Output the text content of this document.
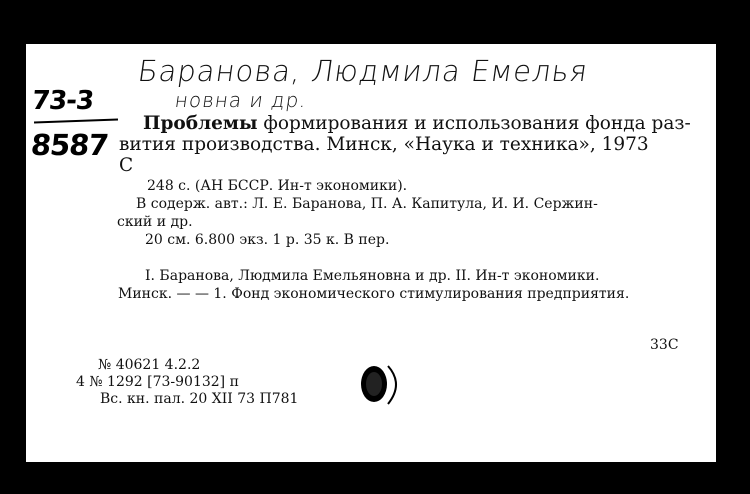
Баранова, Людмила Емелья
новна и др.
73-3
8587
Проблемы формирования и использования фонда раз-
вития производства. Минск, «Наука и техника», 1973
С
248 с. (АН БССР. Ин-т экономики).
В содерж. авт.: Л. Е. Баранова, П. А. Капитула, И. И. Сержин-
ский и др.
20 см. 6.800 экз. 1 р. 35 к. В пер.
I. Баранова, Людмила Емельяновна и др. II. Ин-т экономики.
Минск. — — 1. Фонд экономического стимулирования предприятия.
33С
№ 40621 4.2.2
4 № 1292 [73-90132] п
Вс. кн. пал. 20 XII 73 П781
